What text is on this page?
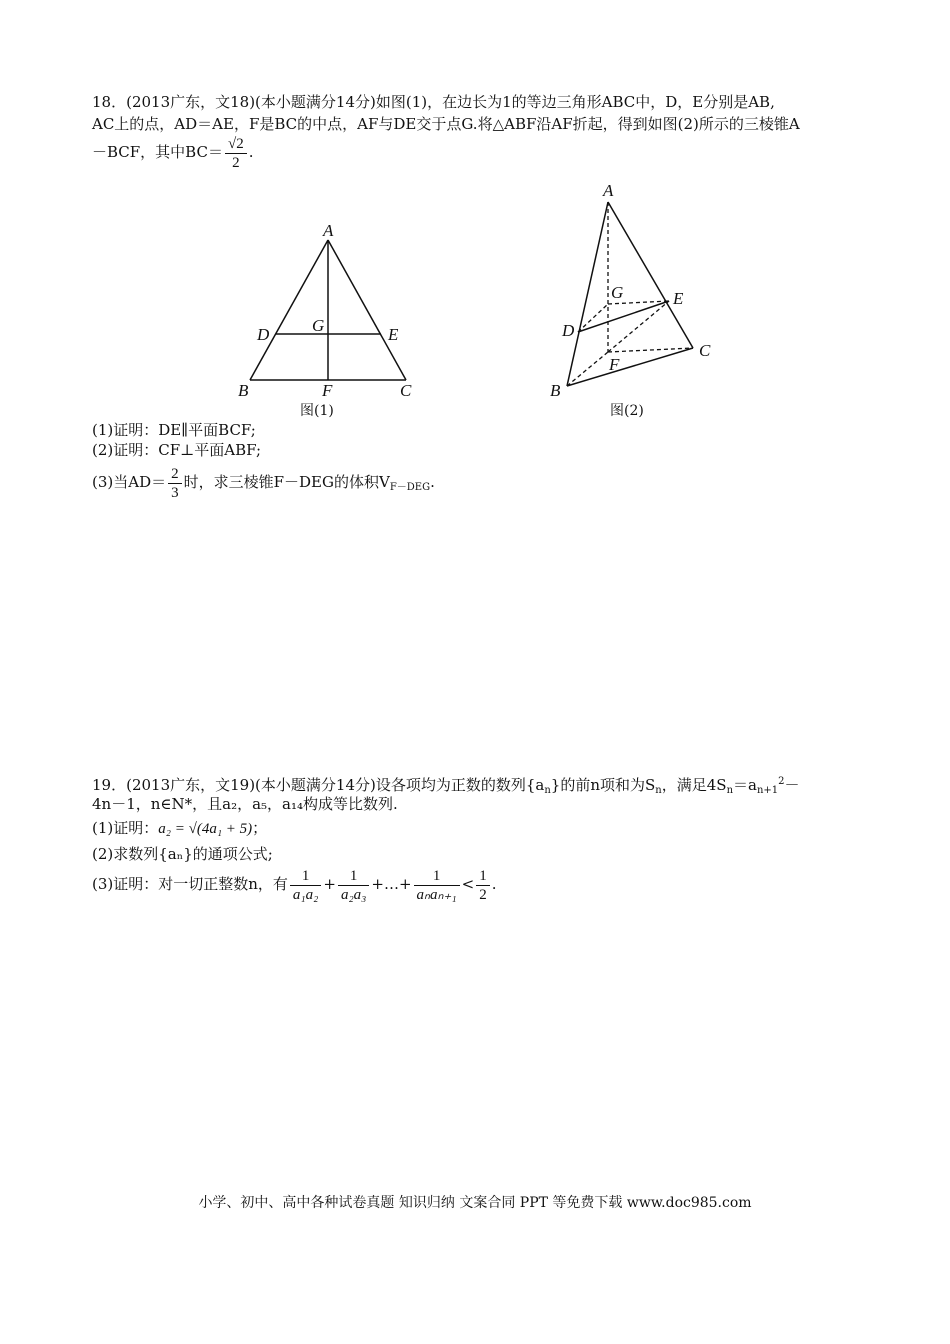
18．(2013广东，文18)(本小题满分14分)如图(1)，在边长为1的等边三角形ABC中，D，E分别是AB,
AC上的点，AD＝AE，F是BC的中点，AF与DE交于点G.将△ABF沿AF折起，得到如图(2)所示的三棱锥A
－BCF，其中$BC= \frac{√2}{2}$ .
A
B	C
D	E
F
G
图(1)
A
B
C
D
E
F
G
图(2)
(1)证明：DE∥平面BCF;
(2)证明：CF⊥平面ABF;
(3)当$AD= \frac{2}{3}$ 时，求三棱锥F－DEG的体积$V_{F-DEG}$.
19．(2013广东，文19)(本小题满分14分)设各项均为正数的数列$\{a_n\}$的前n项和为$S_n$，满足$4S_n=a_{n+1}^2-$
4n－1，n∈N*，且a₂，a₅，a₁₄构成等比数列.
(1)证明：a₂ = √(4a₁ + 5)；
(2)求数列{aₙ}的通项公式;
(3)证明：对一切正整数n，有 $\frac{1}{\text{a₁a₂}} + \frac{1}{\text{a₂a₃}}$ +…+ $\frac{1}{\text{aₙaₙ₊₁}} < \frac{1}{2}$ .
小学、初中、高中各种试卷真题 知识归纳 文案合同 PPT 等免费下载 www.doc985.com
